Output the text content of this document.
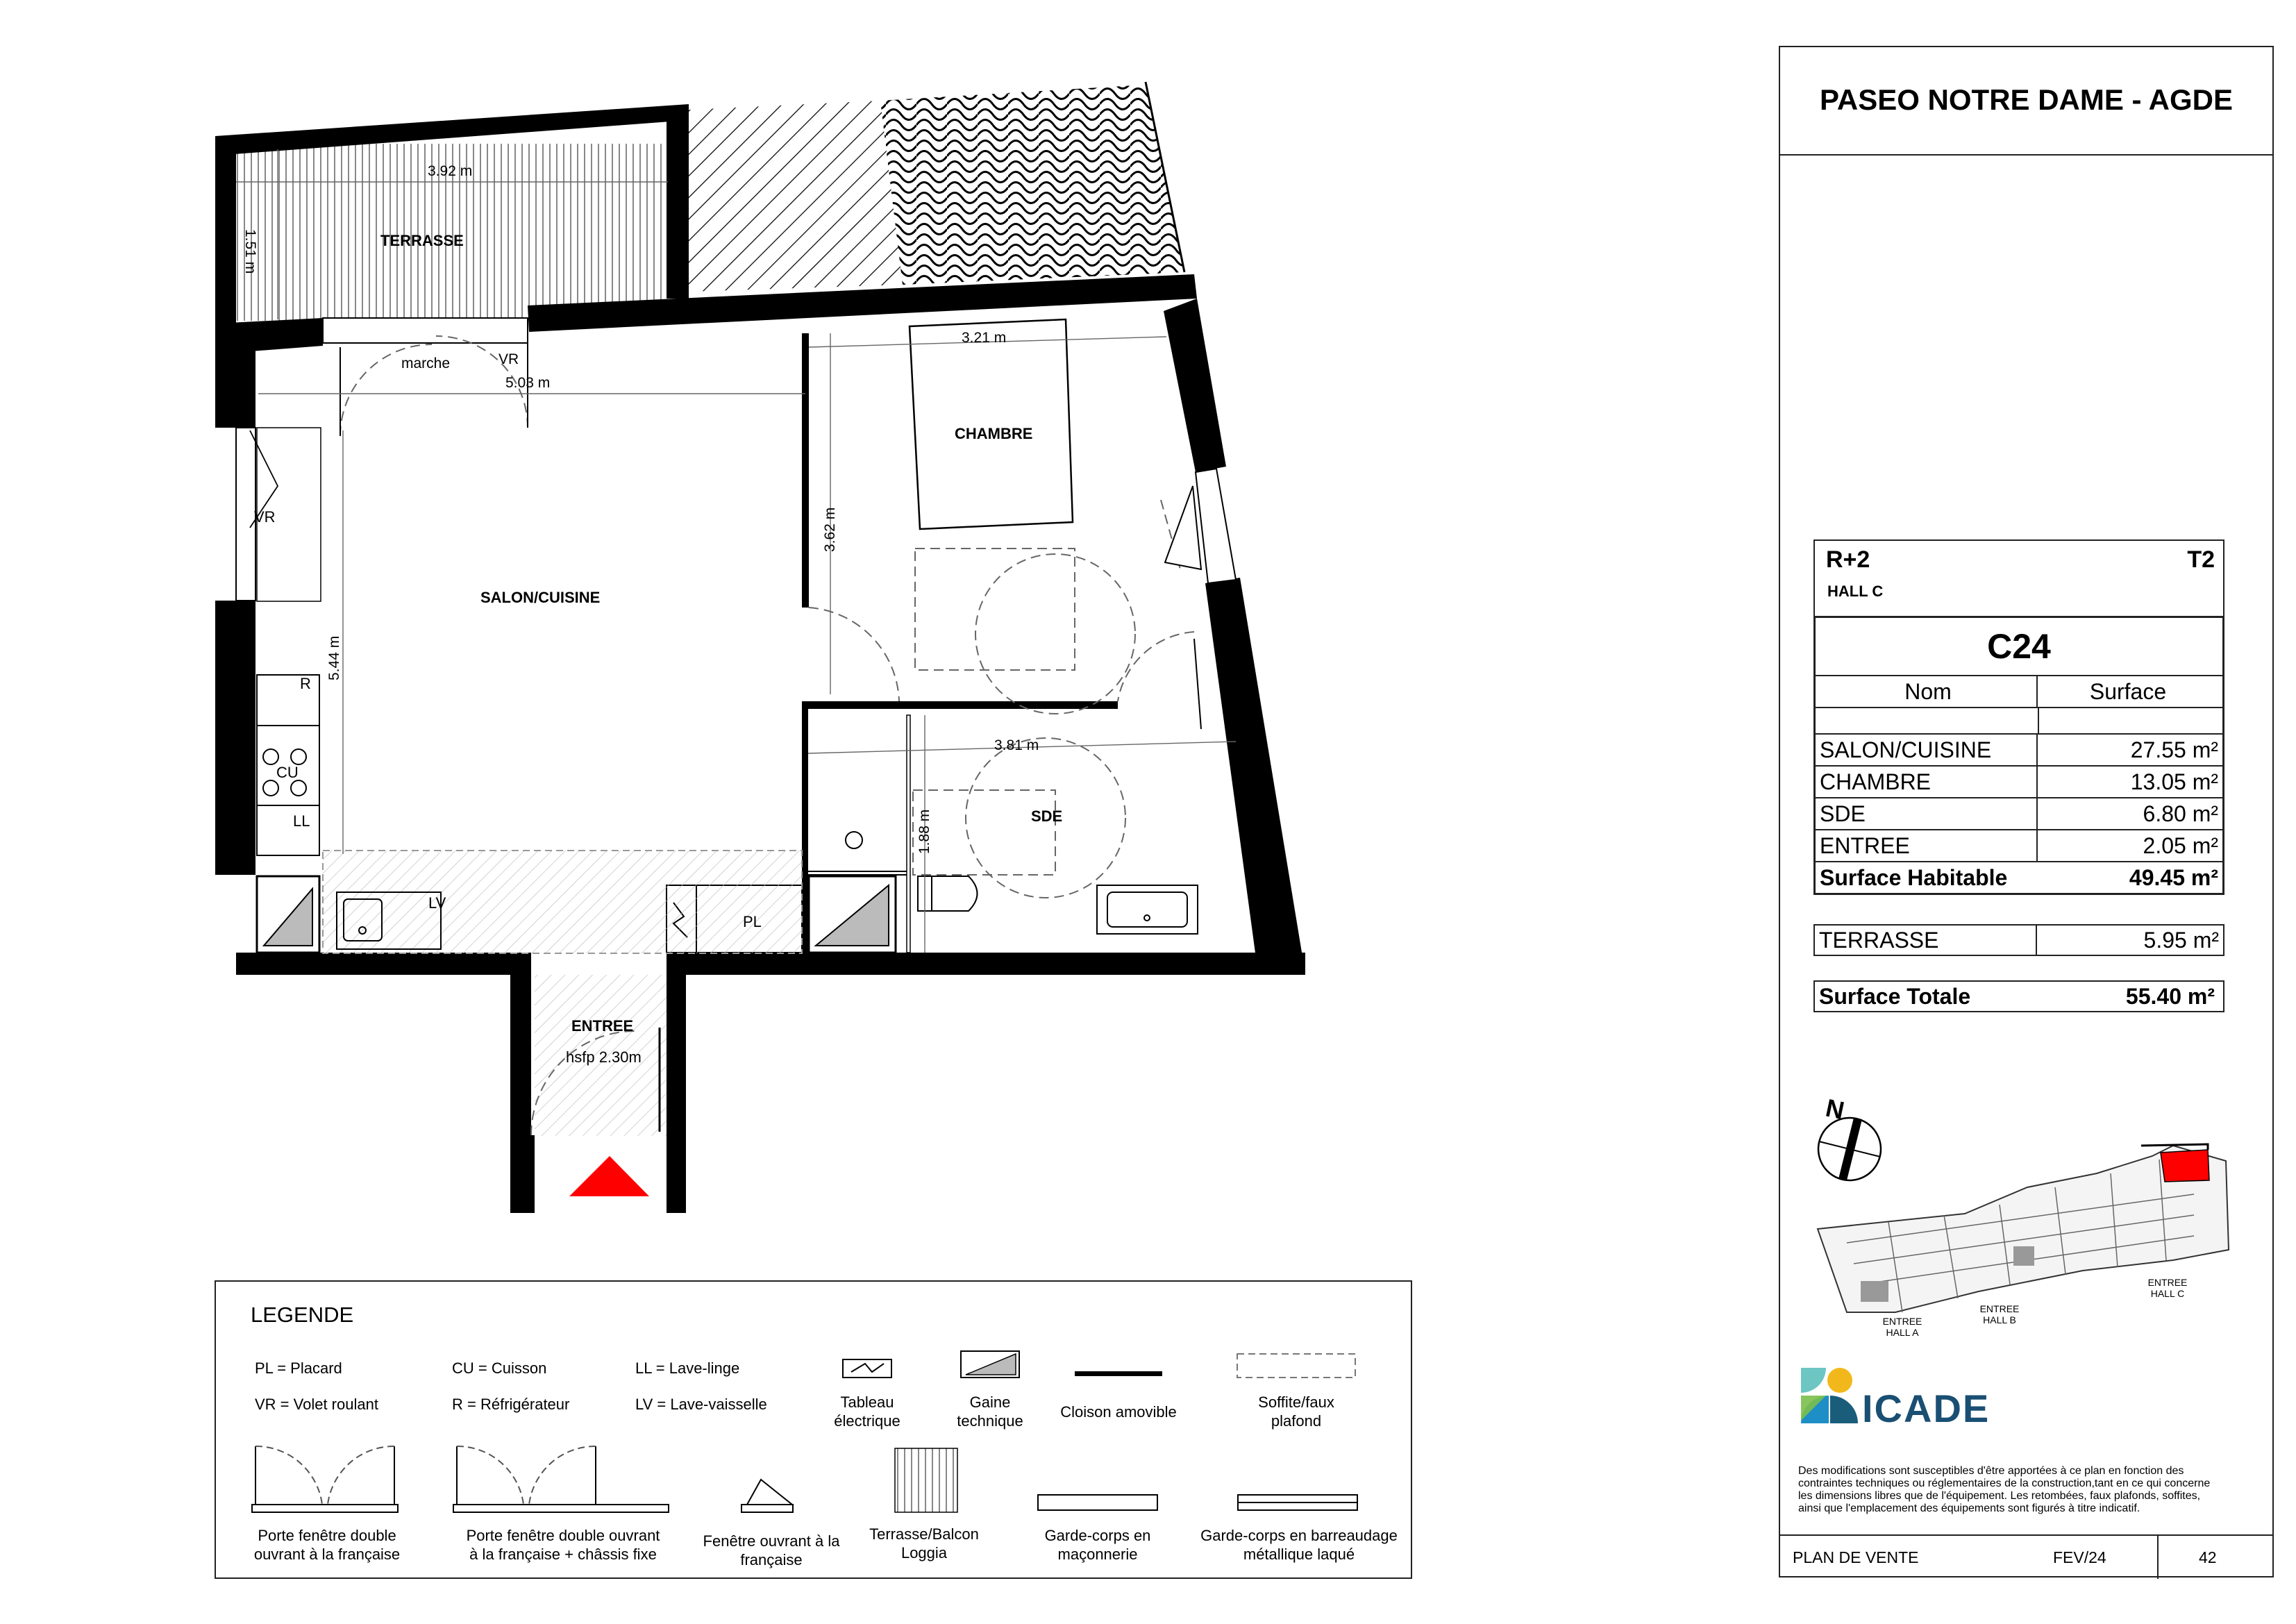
TERRASSE
CHAMBRE
SALON/CUISINE
SDE
ENTREE
hsfp 2.30m
3.92 m
1.51 m
3.21 m
5.03 m
3.62 m
5.44 m
3.81 m
1.88 m
marche	VR
VR
R
CU
LL
LV
PL
LEGENDE
PL = Placard	CU = Cuisson	LL = Lave-linge
VR = Volet roulant	R = Réfrigérateur	LV = Lave-vaisselle	Tableau
électrique
Gaine
technique
Cloison amovible
Soffite/faux
plafond
Porte fenêtre double
ouvrant à la française
Porte fenêtre double ouvrant
à la française + châssis fixe
Fenêtre ouvrant à la
française
Terrasse/Balcon
Loggia
Garde-corps en
maçonnerie
Garde-corps en barreaudage
métallique laqué
PASEO NOTRE DAME - AGDE
R+2
HALL C
T2
C24
Nom	Surface
SALON/CUISINE	27.55 m²
CHAMBRE	13.05 m²
SDE	6.80 m²
ENTREE	2.05 m²
Surface Habitable	49.45 m²
TERRASSE	5.95 m²
Surface Totale	55.40 m²
N
ENTREE
HALL A
ENTREE
HALL B
ENTREE
HALL C
ICADE
Des modifications sont susceptibles d'être apportées à ce plan en fonction des contraintes techniques ou réglementaires de la construction,tant en ce qui concerne les dimensions libres que de l'équipement. Les retombées, faux plafonds, soffites, ainsi que l'emplacement des équipements sont figurés à titre indicatif.
PLAN DE VENTE	FEV/24	42
